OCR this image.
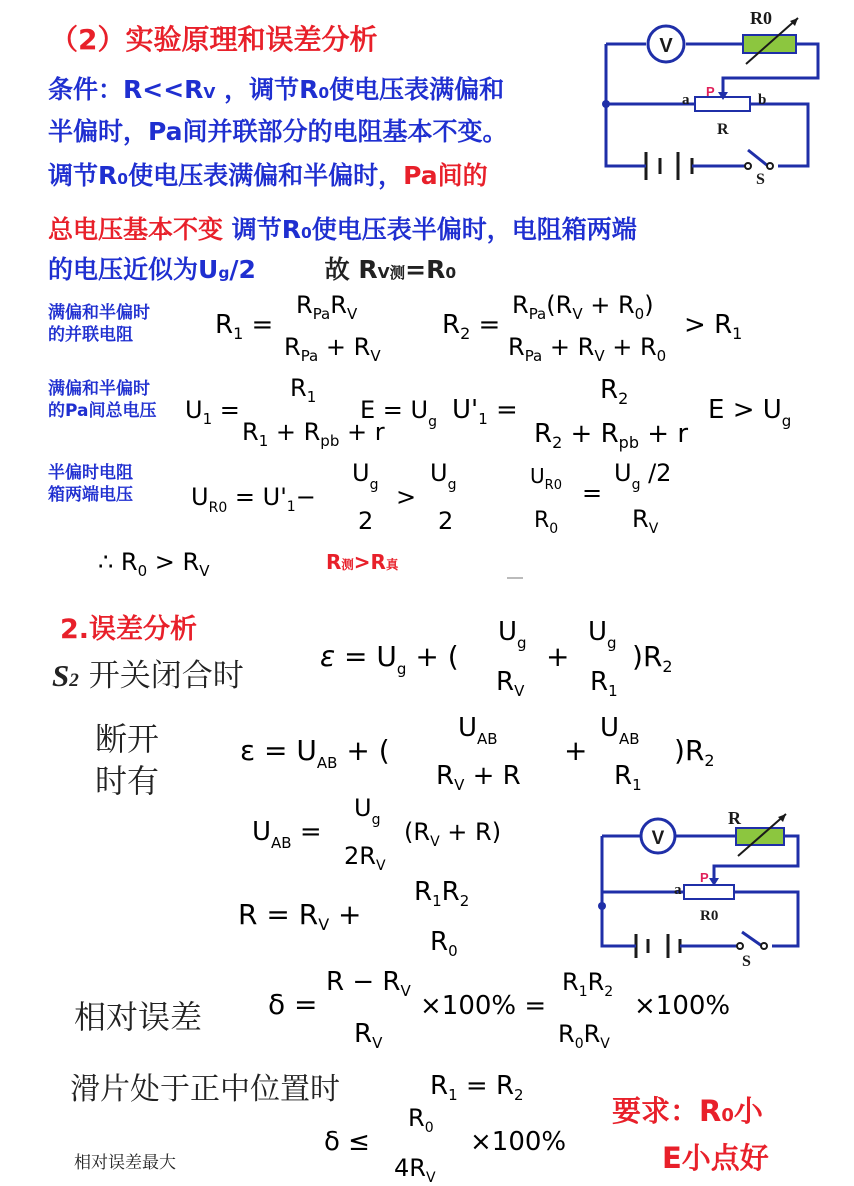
（2）实验原理和误差分析
条件：R<<RV ，调节R0使电压表满偏和
半偏时，Pa间并联部分的电阻基本不变。
调节R0使电压表满偏和半偏时，Pa间的
总电压基本不变 调节R0使电压表半偏时，电阻箱两端
的电压近似为Ug/2	故 RV测=R0
V
R0
P
a	b
R
S
满偏和半偏时
的并联电阻
满偏和半偏时
的Pa间总电压
半偏时电阻
箱两端电压
$R_1$ =
$R_{Pa}R_V$
$R_{Pa} + R_V$
$R_2$ =
$R_{Pa}(R_V + R_0)$
$R_{Pa} + R_V + R_0$
> $R_1$
$U_1$ =
$R_1$
$R_1 + R_{pb} + r$
$E = U_g$ $U'_1$ =
$R_2$
$R_2 + R_{pb} + r$
$E > U_g$
$U_R0 = U'_1-$
$U_g$
2
>
$U_g$
2
$U_R0$
$R_0$
=
$U_g$ /2
$R_V$
∴ $R_0 > R_V$	R测>R真
2.误差分析
S2 开关闭合时
$\varepsilon = U_g$ + (
$U_g$
$R_V$
+
$U_g$
$R_1$
)$R_2$
断开
时有
$\varepsilon = U_{AB}$ + (
$U_{AB}$
$R_V + R$
+
$U_{AB}$
$R_1$
)$R_2$
$U_{AB}$ =
$U_g$
$2R_V$
$(R_V + R)$
$R = R_V$ +
$R_1R_2$
$R_0$
V
R
P
a
R0
S
相对误差 δ =
$R - R_V$
$R_V$
×100% =
$R_1R_2$
$R_0R_V$
×100%
滑片处于正中位置时	$R_1 = R_2$
δ ≤
$R_0$
$4R_V$
×100%
相对误差最大
要求：R0小
E小点好
